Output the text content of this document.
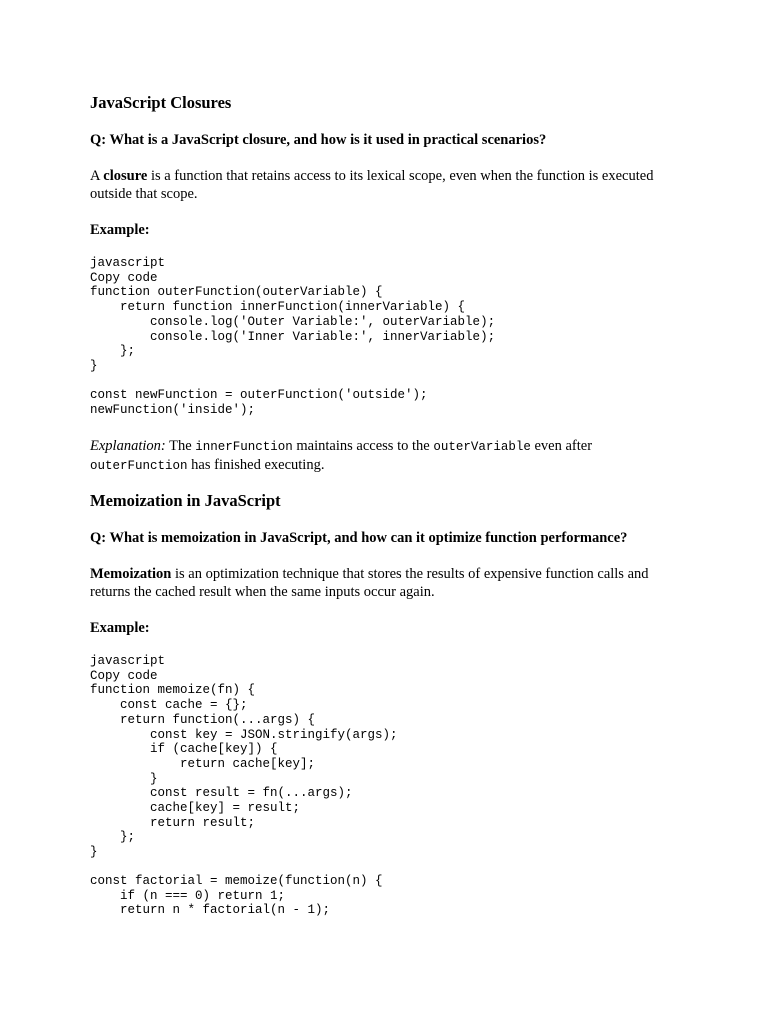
JavaScript Closures

Q: What is a JavaScript closure, and how is it used in practical scenarios?

A closure is a function that retains access to its lexical scope, even when the function is executed outside that scope.

Example:

javascript
Copy code
function outerFunction(outerVariable) {
return function innerFunction(innerVariable) {
console.log('Outer Variable:', outerVariable);
console.log('Inner Variable:', innerVariable);
};
}
const newFunction = outerFunction('outside');
newFunction('inside');

Explanation: The innerFunction maintains access to the outerVariable even after
outerFunction has finished executing.

Memoization in JavaScript

Q: What is memoization in JavaScript, and how can it optimize function performance?

Memoization is an optimization technique that stores the results of expensive function calls and returns the cached result when the same inputs occur again.

Example:

javascript
Copy code
function memoize(fn) {
const cache = {};
return function(...args) {
const key = JSON.stringify(args);
if (cache[key]) {
return cache[key];
}
const result = fn(...args);
cache[key] = result;
return result;
};
}
const factorial = memoize(function(n) {
if (n === 0) return 1;
return n * factorial(n - 1);
